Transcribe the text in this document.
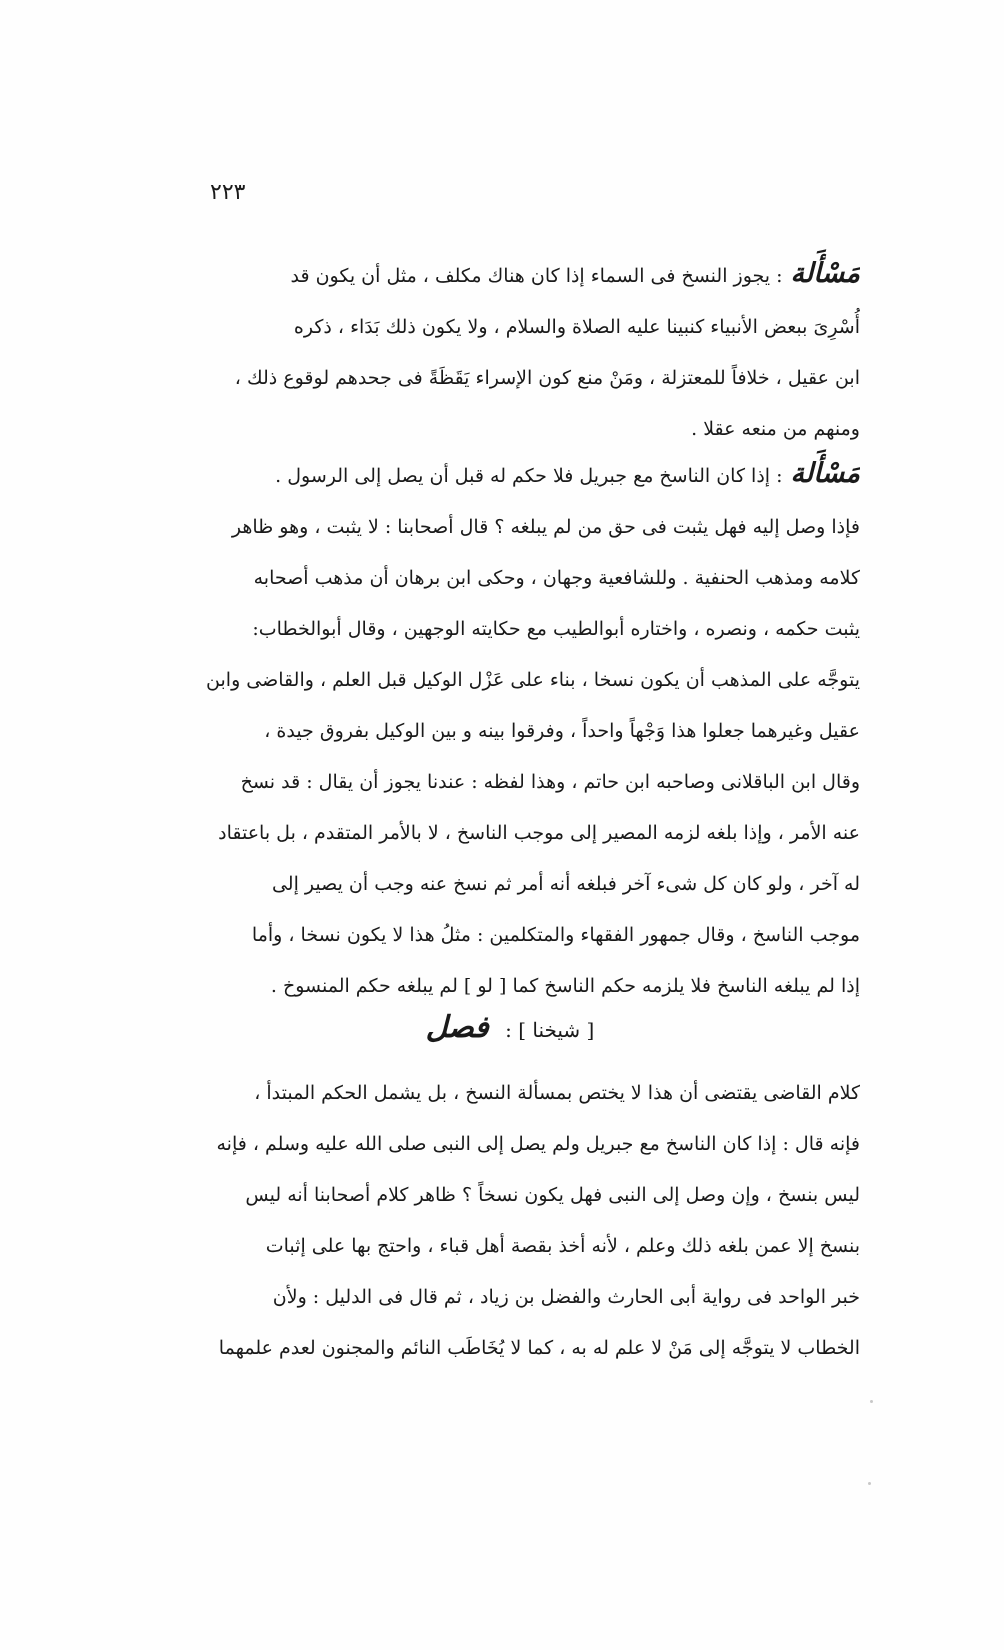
٢٢٣
مَسْأَلة: يجوز النسخ فى السماء إذا كان هناك مكلف ، مثل أن يكون قد
أُسْرِىَ ببعض الأنبياء كنبينا عليه الصلاة والسلام ، ولا يكون ذلك بَدَاء ، ذكره
ابن عقيل ، خلافاً للمعتزلة ، ومَنْ منع كون الإسراء يَقَظَةً فى جحدهم لوقوع ذلك ،
ومنهم من منعه عقلا .
مَسْأَلة: إذا كان الناسخ مع جبريل فلا حكم له قبل أن يصل إلى الرسول .
فإذا وصل إليه فهل يثبت فى حق من لم يبلغه ؟ قال أصحابنا : لا يثبت ، وهو ظاهر
كلامه ومذهب الحنفية . وللشافعية وجهان ، وحكى ابن برهان أن مذهب أصحابه
يثبت حكمه ، ونصره ، واختاره أبوالطيب مع حكايته الوجهين ، وقال أبوالخطاب:
يتوجَّه على المذهب أن يكون نسخا ، بناء على عَزْل الوكيل قبل العلم ، والقاضى وابن
عقيل وغيرهما جعلوا هذا وَجْهاً واحداً ، وفرقوا بينه و بين الوكيل بفروق جيدة ،
وقال ابن الباقلانى وصاحبه ابن حاتم ، وهذا لفظه : عندنا يجوز أن يقال : قد نسخ
عنه الأمر ، وإذا بلغه لزمه المصير إلى موجب الناسخ ، لا بالأمر المتقدم ، بل باعتقاد
له آخر ، ولو كان كل شىء آخر فبلغه أنه أمر ثم نسخ عنه وجب أن يصير إلى
موجب الناسخ ، وقال جمهور الفقهاء والمتكلمين : مثلُ هذا لا يكون نسخا ، وأما
إذا لم يبلغه الناسخ فلا يلزمه حكم الناسخ كما [ لو ] لم يبلغه حكم المنسوخ .
[ شيخنا ] : فصل
كلام القاضى يقتضى أن هذا لا يختص بمسألة النسخ ، بل يشمل الحكم المبتدأ ،
فإنه قال : إذا كان الناسخ مع جبريل ولم يصل إلى النبى صلى الله عليه وسلم ، فإنه
ليس بنسخ ، وإن وصل إلى النبى فهل يكون نسخاً ؟ ظاهر كلام أصحابنا أنه ليس
بنسخ إلا عمن بلغه ذلك وعلم ، لأنه أخذ بقصة أهل قباء ، واحتج بها على إثبات
خبر الواحد فى رواية أبى الحارث والفضل بن زياد ، ثم قال فى الدليل : ولأن
الخطاب لا يتوجَّه إلى مَنْ لا علم له به ، كما لا يُخَاطَب النائم والمجنون لعدم علمهما
